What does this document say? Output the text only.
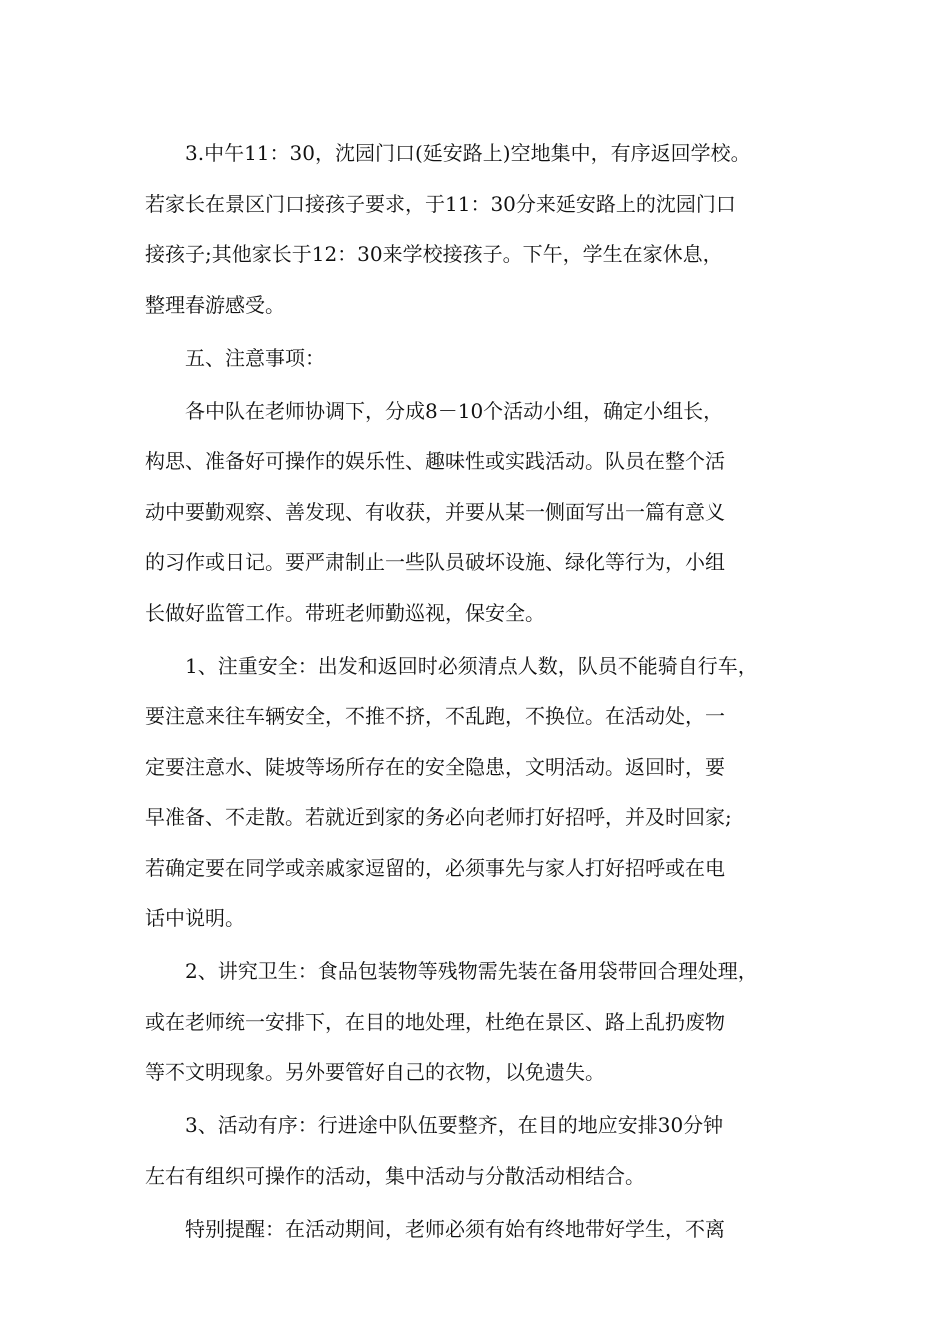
3.中午11：30，沈园门口(延安路上)空地集中，有序返回学校。
若家长在景区门口接孩子要求，于11：30分来延安路上的沈园门口
接孩子;其他家长于12：30来学校接孩子。下午，学生在家休息，
整理春游感受。

五、注意事项：

各中队在老师协调下，分成8－10个活动小组，确定小组长，
构思、准备好可操作的娱乐性、趣味性或实践活动。队员在整个活
动中要勤观察、善发现、有收获，并要从某一侧面写出一篇有意义
的习作或日记。要严肃制止一些队员破坏设施、绿化等行为，小组
长做好监管工作。带班老师勤巡视，保安全。

1、注重安全：出发和返回时必须清点人数，队员不能骑自行车，
要注意来往车辆安全，不推不挤，不乱跑，不换位。在活动处，一
定要注意水、陡坡等场所存在的安全隐患，文明活动。返回时，要
早准备、不走散。若就近到家的务必向老师打好招呼，并及时回家;
若确定要在同学或亲戚家逗留的，必须事先与家人打好招呼或在电
话中说明。

2、讲究卫生：食品包装物等残物需先装在备用袋带回合理处理，
或在老师统一安排下，在目的地处理，杜绝在景区、路上乱扔废物
等不文明现象。另外要管好自己的衣物，以免遗失。

3、活动有序：行进途中队伍要整齐，在目的地应安排30分钟
左右有组织可操作的活动，集中活动与分散活动相结合。

特别提醒：在活动期间，老师必须有始有终地带好学生，不离
